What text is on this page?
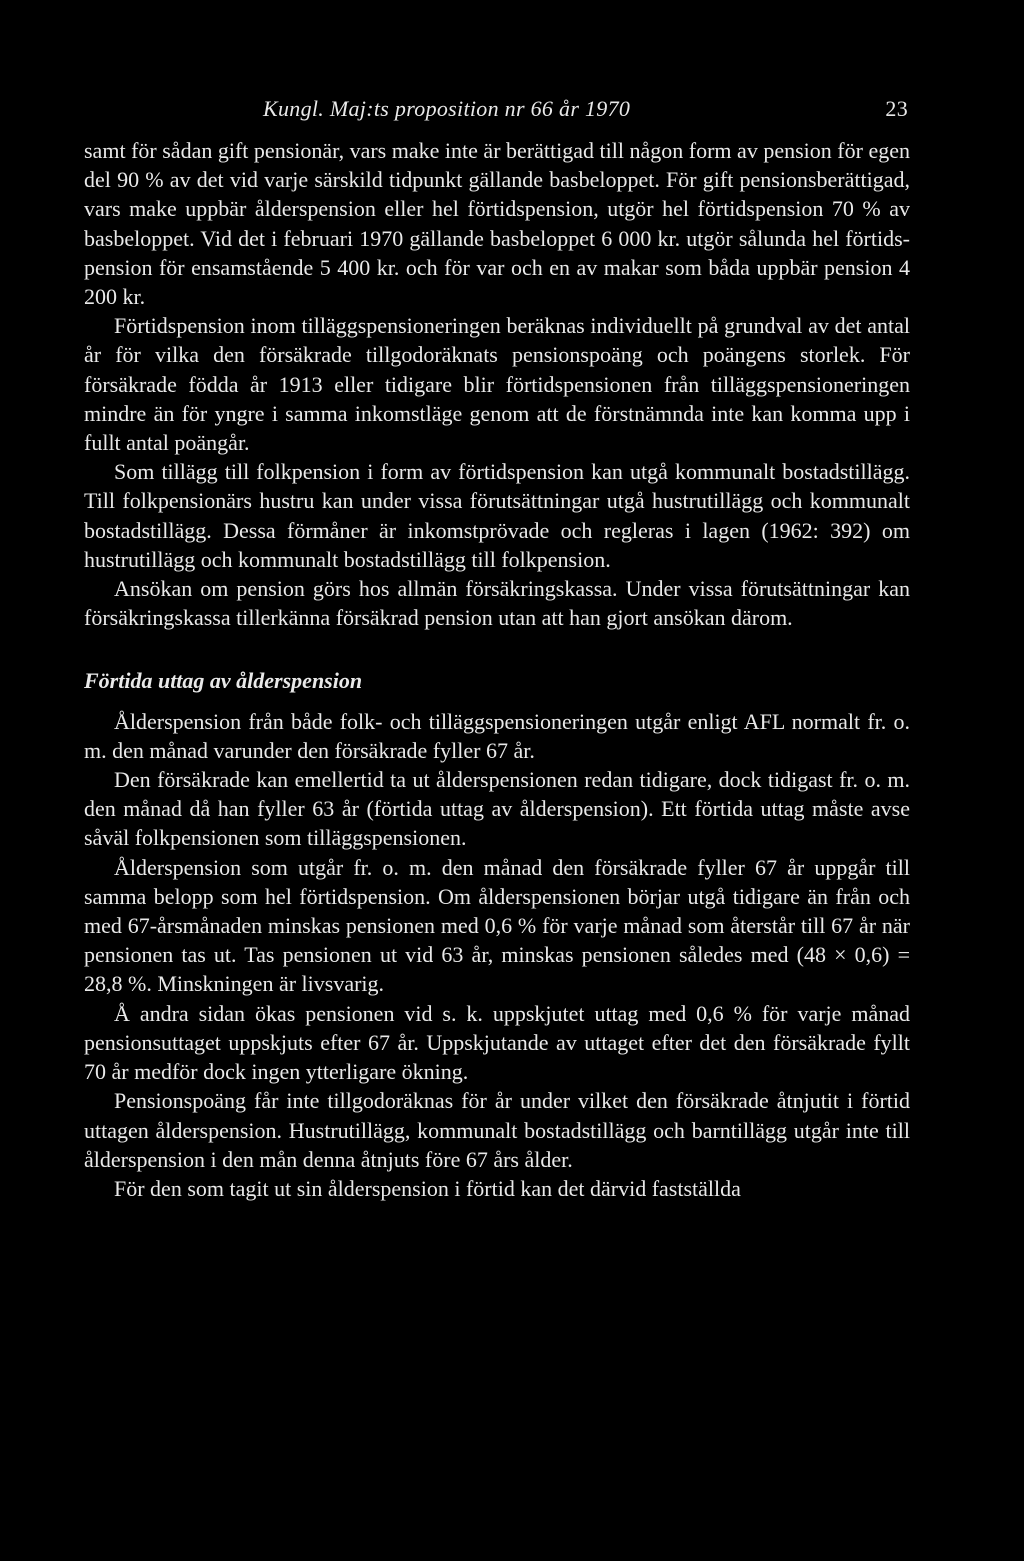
Kungl. Maj:ts proposition nr 66 år 1970	23

samt för sådan gift pensionär, vars make inte är berättigad till någon form av pension för egen del 90 % av det vid varje särskild tidpunkt gällande basbeloppet. För gift pensionsberättigad, vars make uppbär ålderspension eller hel förtidspension, utgör hel förtidspension 70 % av basbeloppet. Vid det i februari 1970 gällande basbeloppet 6 000 kr. utgör sålunda hel förtidspension för ensamstående 5 400 kr. och för var och en av makar som båda uppbär pension 4 200 kr.

Förtidspension inom tilläggspensioneringen beräknas individuellt på grundval av det antal år för vilka den försäkrade tillgodoräknats pensionspoäng och poängens storlek. För försäkrade födda år 1913 eller tidigare blir förtidspensionen från tilläggspensioneringen mindre än för yngre i samma inkomstläge genom att de förstnämnda inte kan komma upp i fullt antal poängår.

Som tillägg till folkpension i form av förtidspension kan utgå kommunalt bostadstillägg. Till folkpensionärs hustru kan under vissa förutsättningar utgå hustrutillägg och kommunalt bostadstillägg. Dessa förmåner är inkomstprövade och regleras i lagen (1962: 392) om hustrutillägg och kommunalt bostadstillägg till folkpension.

Ansökan om pension görs hos allmän försäkringskassa. Under vissa förutsättningar kan försäkringskassa tillerkänna försäkrad pension utan att han gjort ansökan därom.

Förtida uttag av ålderspension

Ålderspension från både folk- och tilläggspensioneringen utgår enligt AFL normalt fr. o. m. den månad varunder den försäkrade fyller 67 år.

Den försäkrade kan emellertid ta ut ålderspensionen redan tidigare, dock tidigast fr. o. m. den månad då han fyller 63 år (förtida uttag av ålderspension). Ett förtida uttag måste avse såväl folkpensionen som tilläggspensionen.

Ålderspension som utgår fr. o. m. den månad den försäkrade fyller 67 år uppgår till samma belopp som hel förtidspension. Om ålderspensionen börjar utgå tidigare än från och med 67-årsmånaden minskas pensionen med 0,6 % för varje månad som återstår till 67 år när pensionen tas ut. Tas pensionen ut vid 63 år, minskas pensionen således med (48 × 0,6) = 28,8 %. Minskningen är livsvarig.

Å andra sidan ökas pensionen vid s. k. uppskjutet uttag med 0,6 % för varje månad pensionsuttaget uppskjuts efter 67 år. Uppskjutande av uttaget efter det den försäkrade fyllt 70 år medför dock ingen ytterligare ökning.

Pensionspoäng får inte tillgodoräknas för år under vilket den försäkrade åtnjutit i förtid uttagen ålderspension. Hustrutillägg, kommunalt bostadstillägg och barntillägg utgår inte till ålderspension i den mån denna åtnjuts före 67 års ålder.

För den som tagit ut sin ålderspension i förtid kan det därvid fastställda
